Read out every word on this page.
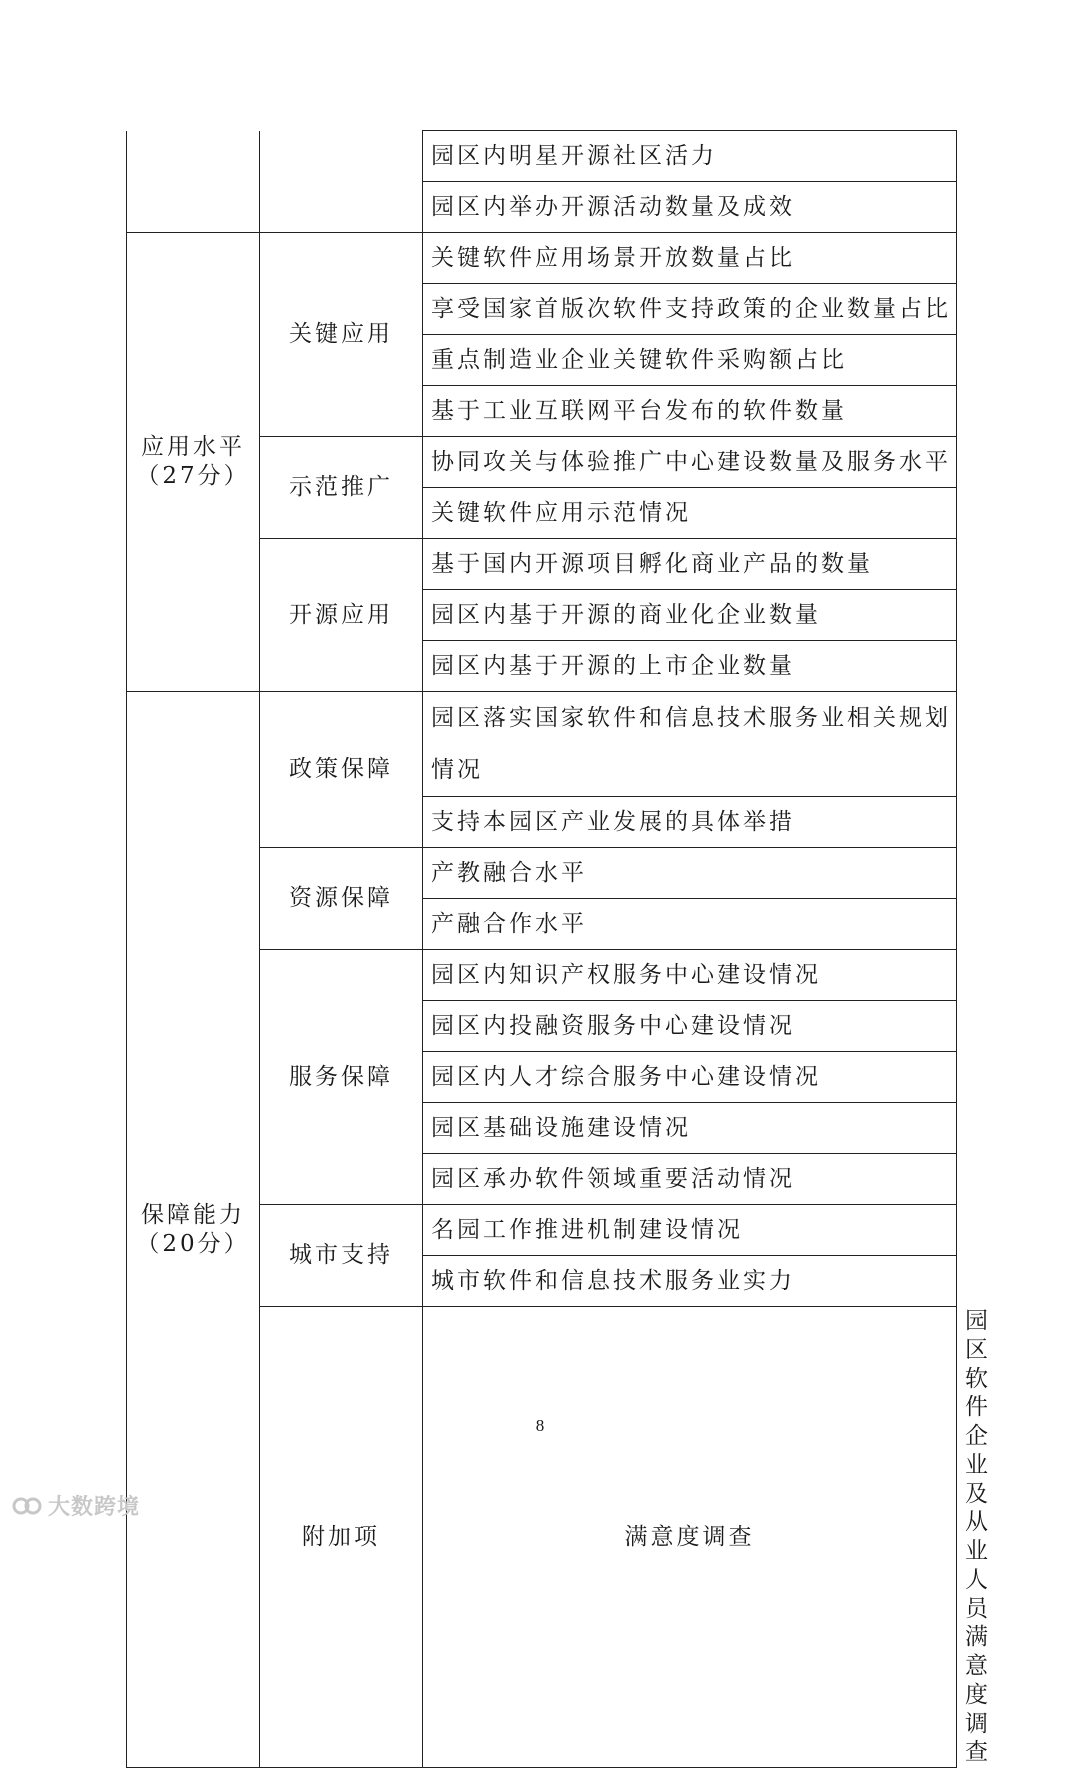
		园区内明星开源社区活力	
		园区内举办开源活动数量及成效	

应用水平
（27分）	关键应用	关键软件应用场景开放数量占比	
		享受国家首版次软件支持政策的企业数量占比	
		重点制造业企业关键软件采购额占比	
		基于工业互联网平台发布的软件数量	
	示范推广	协同攻关与体验推广中心建设数量及服务水平	
		关键软件应用示范情况	
	开源应用	基于国内开源项目孵化商业产品的数量	
		园区内基于开源的商业化企业数量	
		园区内基于开源的上市企业数量	

保障能力
（20分）	政策保障	园区落实国家软件和信息技术服务业相关规划情况	
		支持本园区产业发展的具体举措	
	资源保障	产教融合水平	
		产融合作水平	
	服务保障	园区内知识产权服务中心建设情况	
		园区内投融资服务中心建设情况	
		园区内人才综合服务中心建设情况	
		园区基础设施建设情况	
		园区承办软件领域重要活动情况	
	城市支持	名园工作推进机制建设情况	
		城市软件和信息技术服务业实力	
	附加项	满意度调查	园区软件企业及从业人员满意度调查
8
大数跨境
